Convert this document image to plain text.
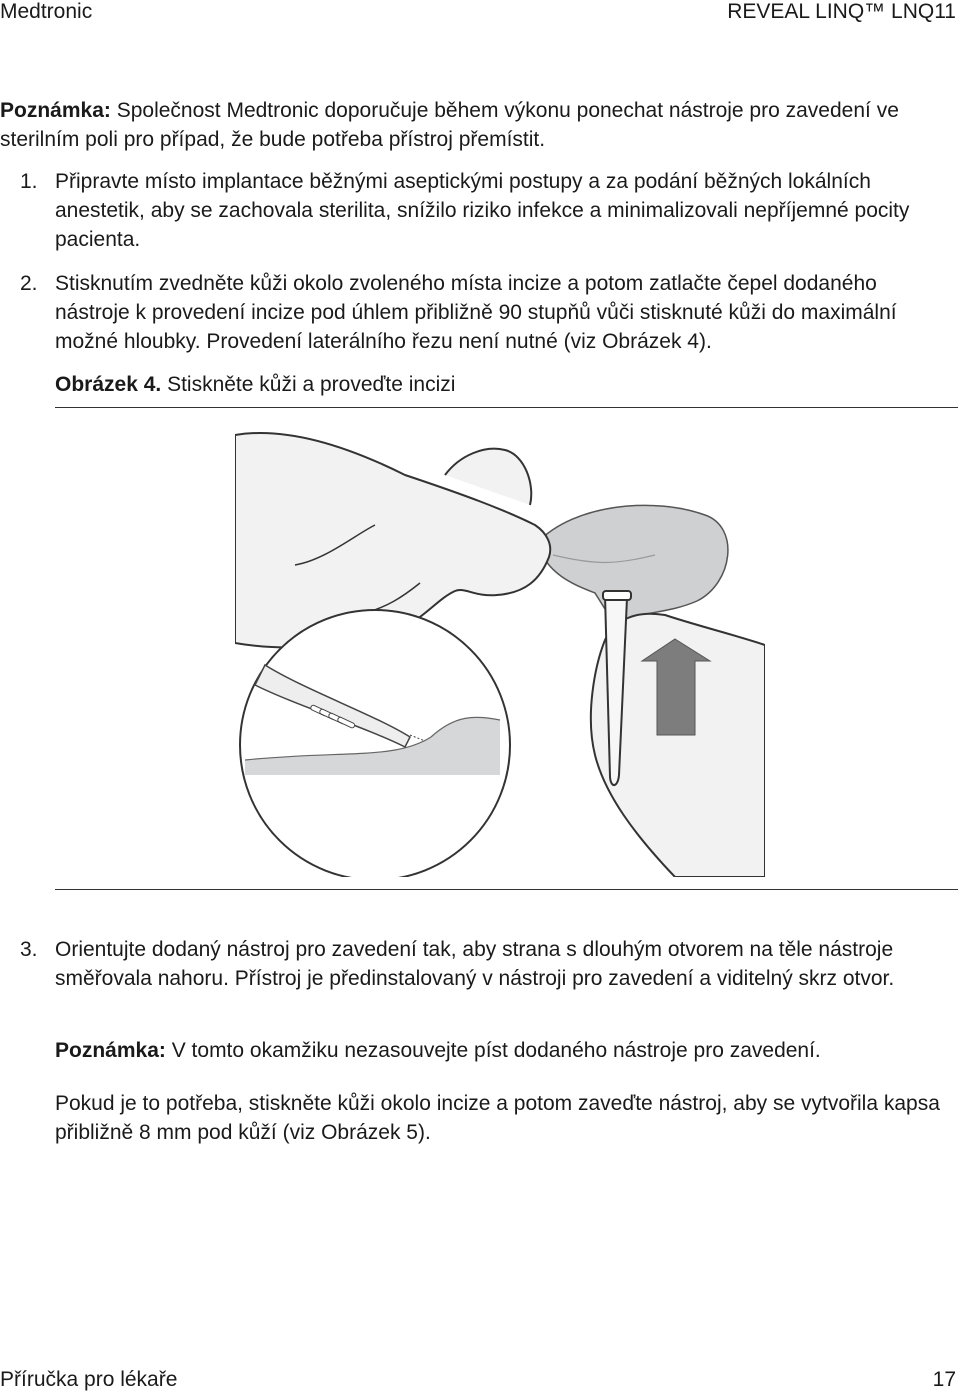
Medtronic	REVEAL LINQ™ LNQ11

Poznámka: Společnost Medtronic doporučuje během výkonu ponechat nástroje pro zavedení ve sterilním poli pro případ, že bude potřeba přístroj přemístit.

1. Připravte místo implantace běžnými aseptickými postupy a za podání běžných lokálních anestetik, aby se zachovala sterilita, snížilo riziko infekce a minimalizovali nepříjemné pocity pacienta.
2. Stisknutím zvedněte kůži okolo zvoleného místa incize a potom zatlačte čepel dodaného nástroje k provedení incize pod úhlem přibližně 90 stupňů vůči stisknuté kůži do maximální možné hloubky. Provedení laterálního řezu není nutné (viz Obrázek 4).
Obrázek 4. Stiskněte kůži a proveďte incizi
3. Orientujte dodaný nástroj pro zavedení tak, aby strana s dlouhým otvorem na těle nástroje směřovala nahoru. Přístroj je předinstalovaný v nástroji pro zavedení a viditelný skrz otvor.

Poznámka: V tomto okamžiku nezasouvejte píst dodaného nástroje pro zavedení.

Pokud je to potřeba, stiskněte kůži okolo incize a potom zaveďte nástroj, aby se vytvořila kapsa přibližně 8 mm pod kůží (viz Obrázek 5).

Příručka pro lékaře	17
